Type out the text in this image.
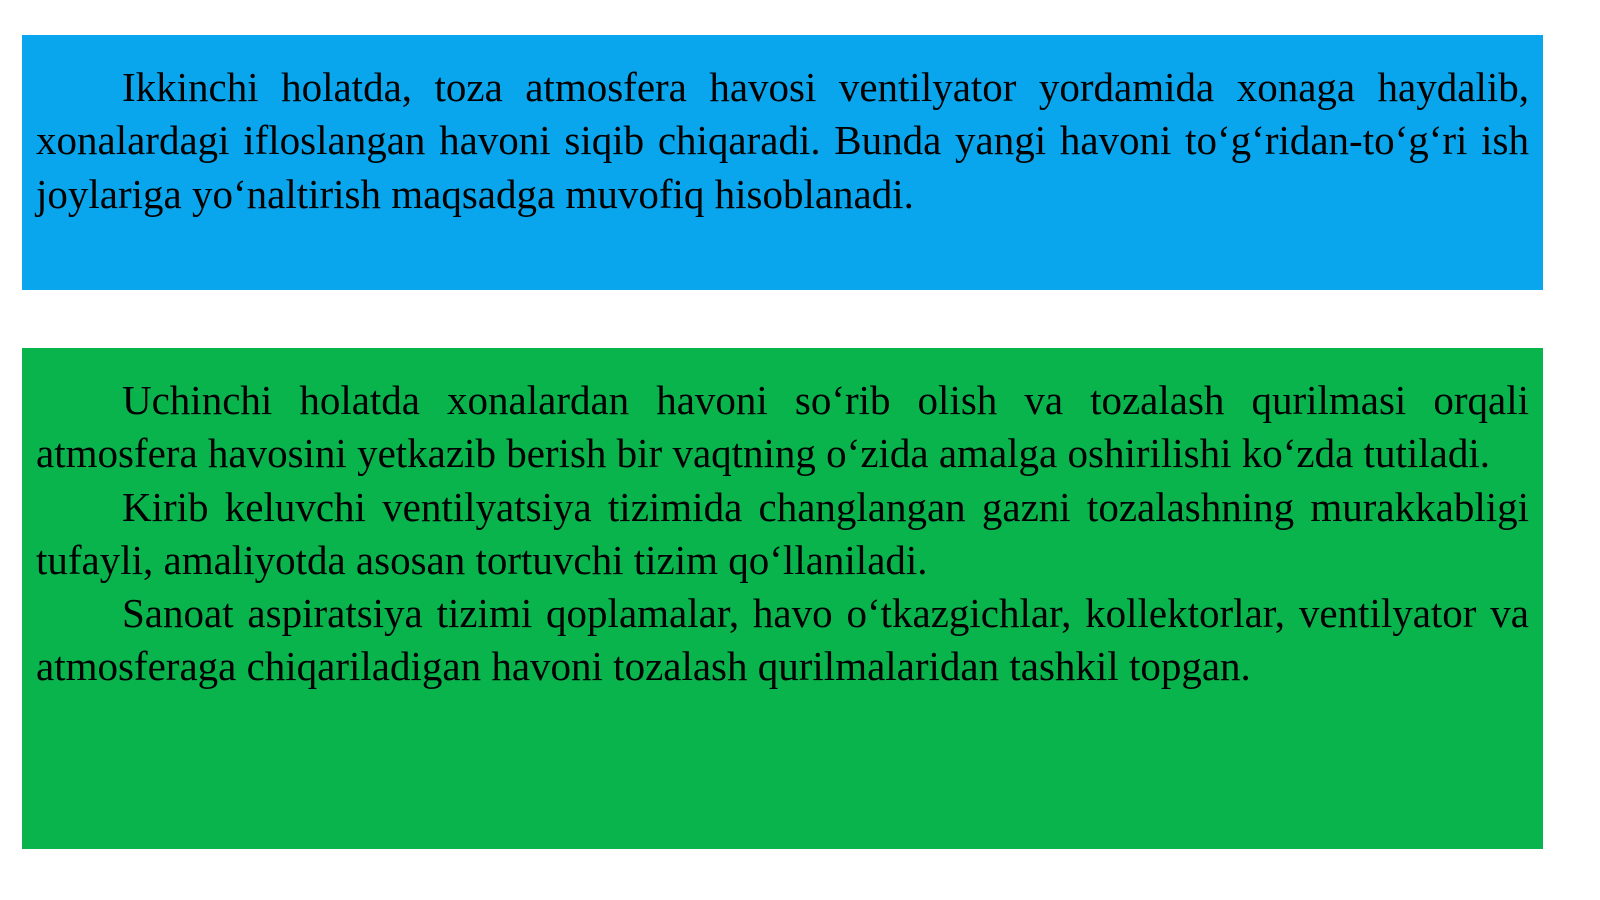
Ikkinchi holatda, toza atmosfera havosi ventilyator yordamida xonaga haydalib, xonalardagi ifloslangan havoni siqib chiqaradi. Bunda yangi havoni to‘g‘ridan-to‘g‘ri ish joylariga yo‘naltirish maqsadga muvofiq hisoblanadi.

Uchinchi holatda xonalardan havoni so‘rib olish va tozalash qurilmasi orqali atmosfera havosini yetkazib berish bir vaqtning o‘zida amalga oshirilishi ko‘zda tutiladi.

Kirib keluvchi ventilyatsiya tizimida changlangan gazni tozalashning murakkabligi tufayli, amaliyotda asosan tortuvchi tizim qo‘llaniladi.

Sanoat aspiratsiya tizimi qoplamalar, havo o‘tkazgichlar, kollektorlar, ventilyator va atmosferaga chiqariladigan havoni tozalash qurilmalaridan tashkil topgan.
